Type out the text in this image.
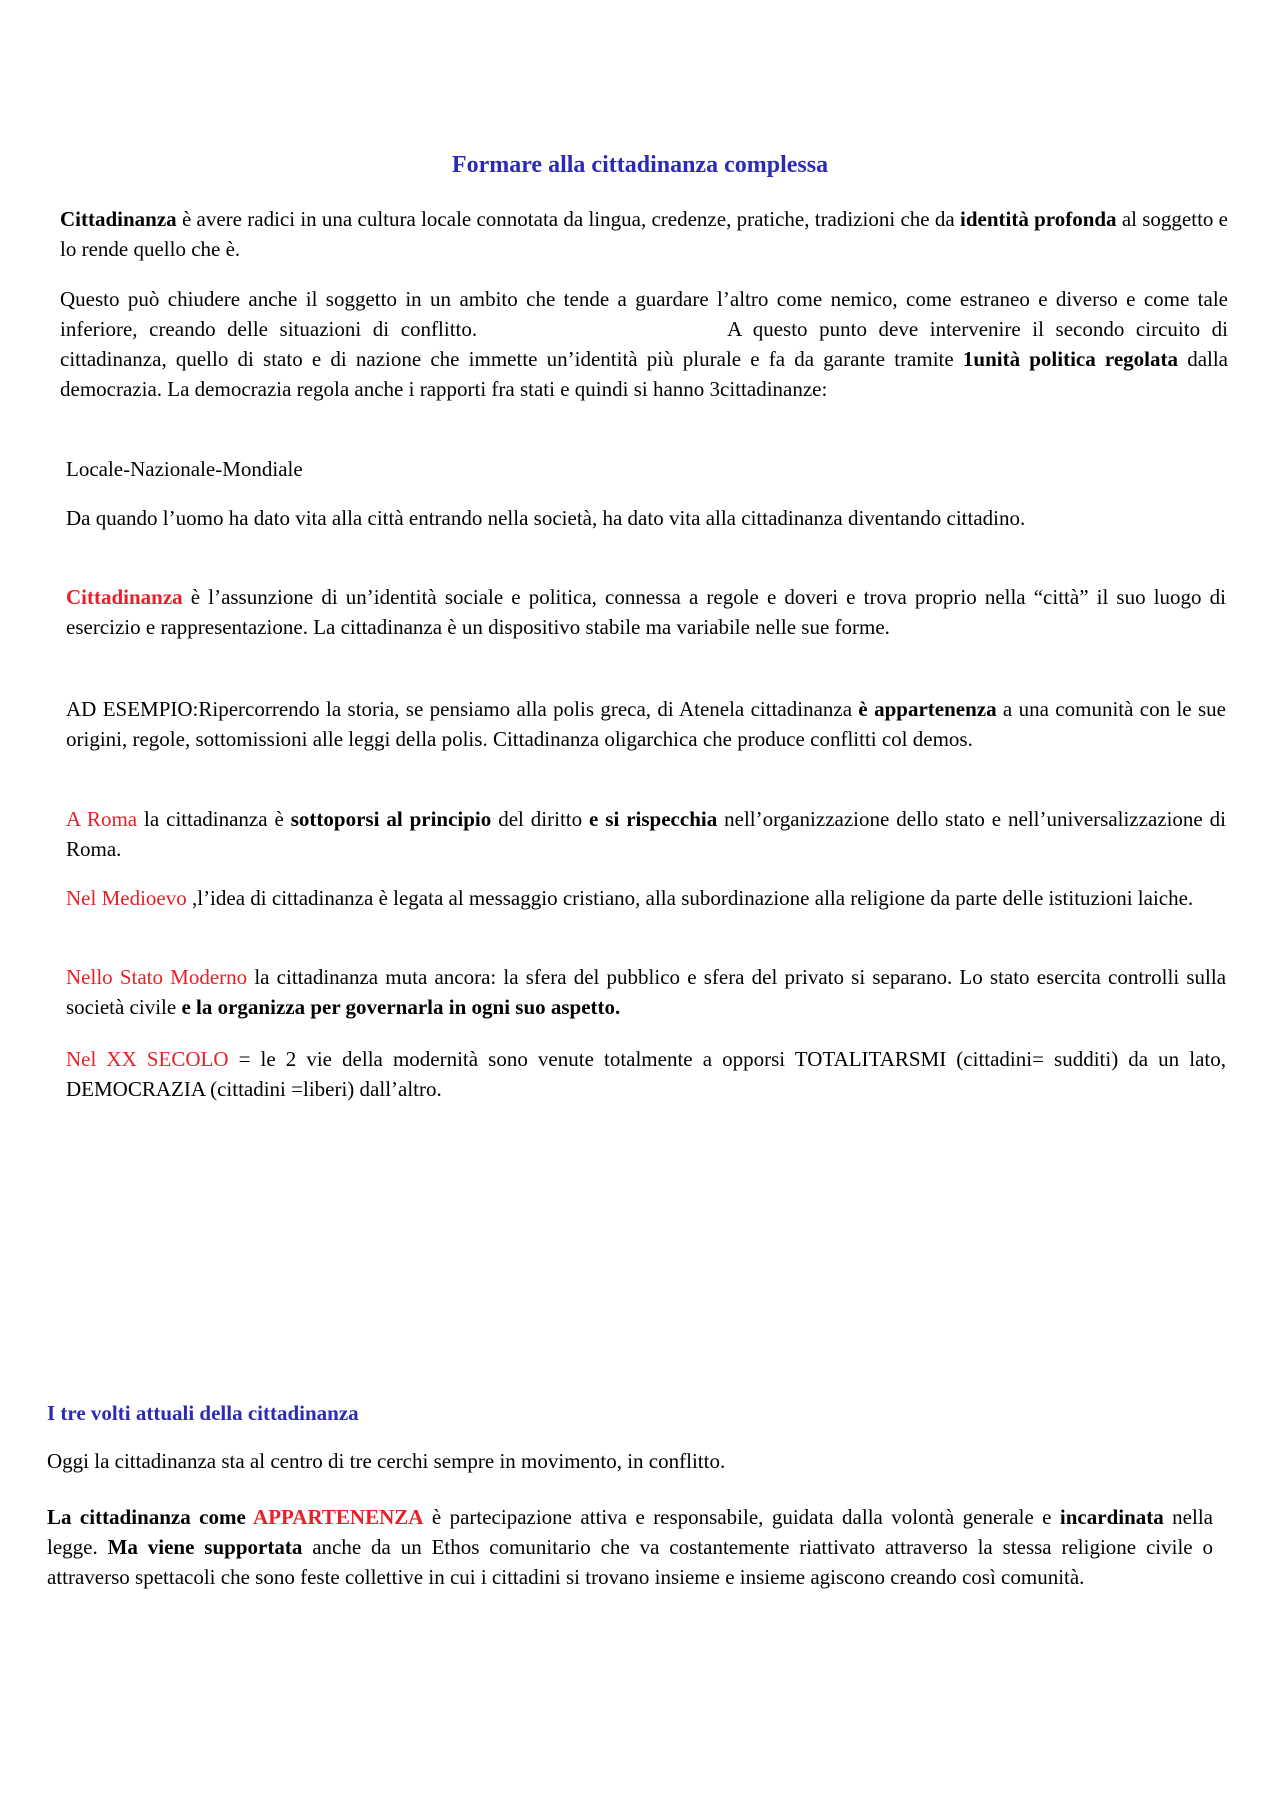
Formare alla cittadinanza complessa

Cittadinanza è avere radici in una cultura locale connotata da lingua, credenze, pratiche, tradizioni che da identità profonda al soggetto e lo rende quello che è.

Questo può chiudere anche il soggetto in un ambito che tende a guardare l’altro come nemico, come estraneo e diverso e come tale inferiore, creando delle situazioni di conflitto.	A questo punto deve intervenire il secondo circuito di cittadinanza, quello di stato e di nazione che immette un’identità più plurale e fa da garante tramite 1unità politica regolata dalla democrazia. La democrazia regola anche i rapporti fra stati e quindi si hanno 3cittadinanze:

Locale-Nazionale-Mondiale

Da quando l’uomo ha dato vita alla città entrando nella società, ha dato vita alla cittadinanza diventando cittadino.

Cittadinanza è l’assunzione di un’identità sociale e politica, connessa a regole e doveri e trova proprio nella “città” il suo luogo di esercizio e rappresentazione. La cittadinanza è un dispositivo stabile ma variabile nelle sue forme.

AD ESEMPIO:Ripercorrendo la storia, se pensiamo alla polis greca, di Atenela cittadinanza è appartenenza a una comunità con le sue origini, regole, sottomissioni alle leggi della polis. Cittadinanza oligarchica che produce conflitti col demos.

A Roma la cittadinanza è sottoporsi al principio del diritto e si rispecchia nell’organizzazione dello stato e nell’universalizzazione di Roma.

Nel Medioevo ,l’idea di cittadinanza è legata al messaggio cristiano, alla subordinazione alla religione da parte delle istituzioni laiche.

Nello Stato Moderno la cittadinanza muta ancora: la sfera del pubblico e sfera del privato si separano. Lo stato esercita controlli sulla società civile e la organizza per governarla in ogni suo aspetto.

Nel XX SECOLO = le 2 vie della modernità sono venute totalmente a opporsi TOTALITARSMI (cittadini= sudditi) da un lato, DEMOCRAZIA (cittadini =liberi) dall’altro.

I tre volti attuali della cittadinanza

Oggi la cittadinanza sta al centro di tre cerchi sempre in movimento, in conflitto.

La cittadinanza come APPARTENENZA è partecipazione attiva e responsabile, guidata dalla volontà generale e incardinata nella legge. Ma viene supportata anche da un Ethos comunitario che va costantemente riattivato attraverso la stessa religione civile o attraverso spettacoli che sono feste collettive in cui i cittadini si trovano insieme e insieme agiscono creando così comunità.
